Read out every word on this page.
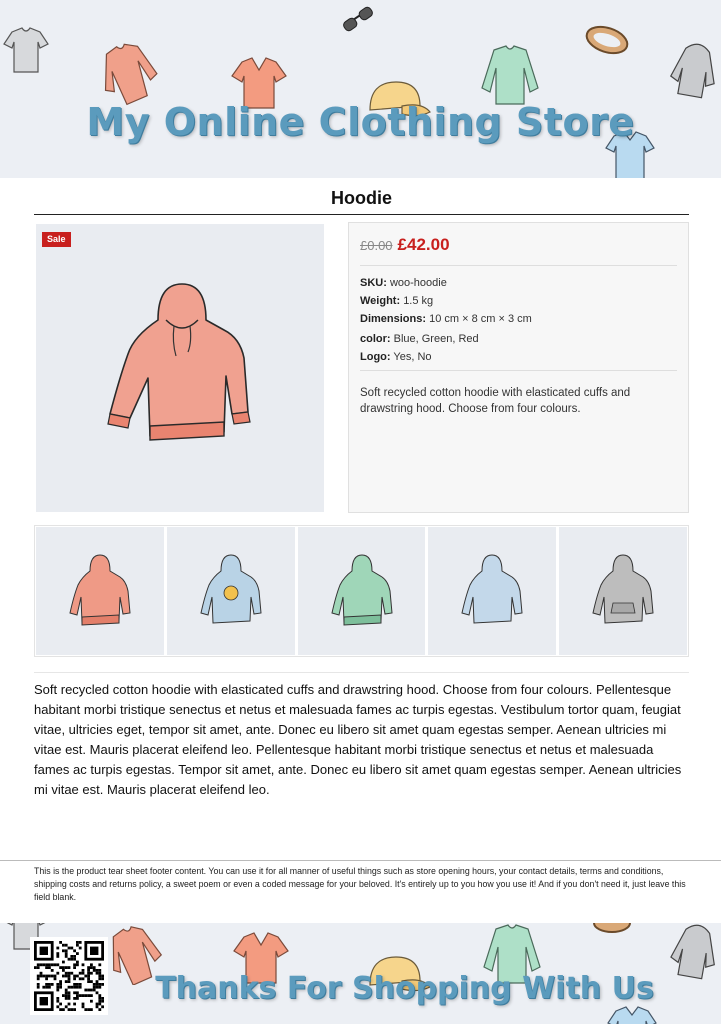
My Online Clothing Store
Hoodie
Sale	£0.00 £42.00
SKU: woo-hoodie
Weight: 1.5 kg
Dimensions: 10 cm × 8 cm × 3 cm
color: Blue, Green, Red
Logo: Yes, No
Soft recycled cotton hoodie with elasticated cuffs and drawstring hood. Choose from four colours.
Soft recycled cotton hoodie with elasticated cuffs and drawstring hood. Choose from four colours. Pellentesque habitant morbi tristique senectus et netus et malesuada fames ac turpis egestas. Vestibulum tortor quam, feugiat vitae, ultricies eget, tempor sit amet, ante. Donec eu libero sit amet quam egestas semper. Aenean ultricies mi vitae est. Mauris placerat eleifend leo. Pellentesque habitant morbi tristique senectus et netus et malesuada fames ac turpis egestas. Tempor sit amet, ante. Donec eu libero sit amet quam egestas semper. Aenean ultricies mi vitae est. Mauris placerat eleifend leo.
This is the product tear sheet footer content. You can use it for all manner of useful things such as store opening hours, your contact details, terms and conditions, shipping costs and returns policy, a sweet poem or even a coded message for your beloved. It's entirely up to you how you use it! And if you don't need it, just leave this field blank.
Thanks For Shopping With Us
